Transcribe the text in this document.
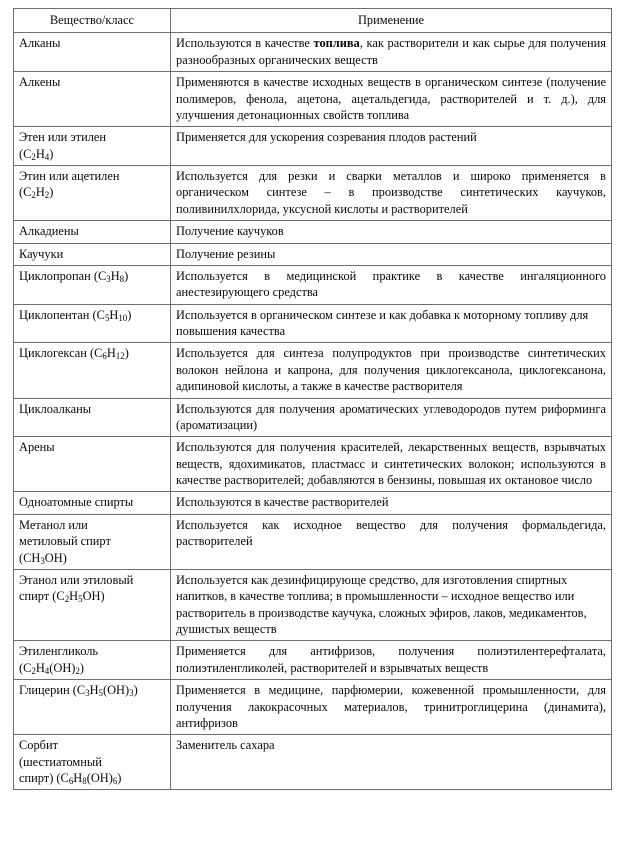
Вещество/класс	Применение
Алканы	Используются в качестве топлива, как растворители и как сырье для получения разнообразных органических веществ
Алкены	Применяются в качестве исходных веществ в органическом синтезе (получение полимеров, фенола, ацетона, ацетальдегида, растворителей и т. д.), для улучшения детонационных свойств топлива
Этен или этилен
$(C_2H_4)$	Применяется для ускорения созревания плодов растений
Этин или ацетилен
$(C_2H_2)$	Используется для резки и сварки металлов и широко применяется в органическом синтезе – в производстве синтетических каучуков, поливинилхлорида, уксусной кислоты и растворителей
Алкадиены	Получение каучуков
Каучуки	Получение резины
Циклопропан $(C_3H_8)$	Используется в медицинской практике в качестве ингаляционного анестезирующего средства
Циклопентан $(C_5H_{10})$	Используется в органическом синтезе и как добавка к моторному топливу для повышения качества
Циклогексан $(C_6H_{12})$	Используется для синтеза полупродуктов при производстве синтетических волокон нейлона и капрона, для получения циклогексанола, циклогексанона, адипиновой кислоты, а также в качестве растворителя
Циклоалканы	Используются для получения ароматических углеводородов путем риформинга (ароматизации)
Арены	Используются для получения красителей, лекарственных веществ, взрывчатых веществ, ядохимикатов, пластмасс и синтетических волокон; используются в качестве растворителей; добавляются в бензины, повышая их октановое число
Одноатомные спирты	Используются в качестве растворителей
Метанол или
метиловый спирт
$(CH_3OH)$	Используется как исходное вещество для получения формальдегида, растворителей
Этанол или этиловый спирт $(C_2H_5OH)$	Используется как дезинфицирующе средство, для изготовления спиртных напитков, в качестве топлива; в промышленности – исходное вещество или растворитель в производстве каучука, сложных эфиров, лаков, медикаментов, душистых веществ
Этиленгликоль
$(C_2H_4(OH)_2)$	Применяется для антифризов, получения полиэтилентерефталата, полиэтиленгликолей, растворителей и взрывчатых веществ
Глицерин $(C_3H_5(OH)_3)$	Применяется в медицине, парфюмерии, кожевенной промышленности, для получения лакокрасочных материалов, тринитроглицерина (динамита), антифризов
Сорбит
(шестиатомный
спирт) $(C_6H_8(OH)_6)$	Заменитель сахара
